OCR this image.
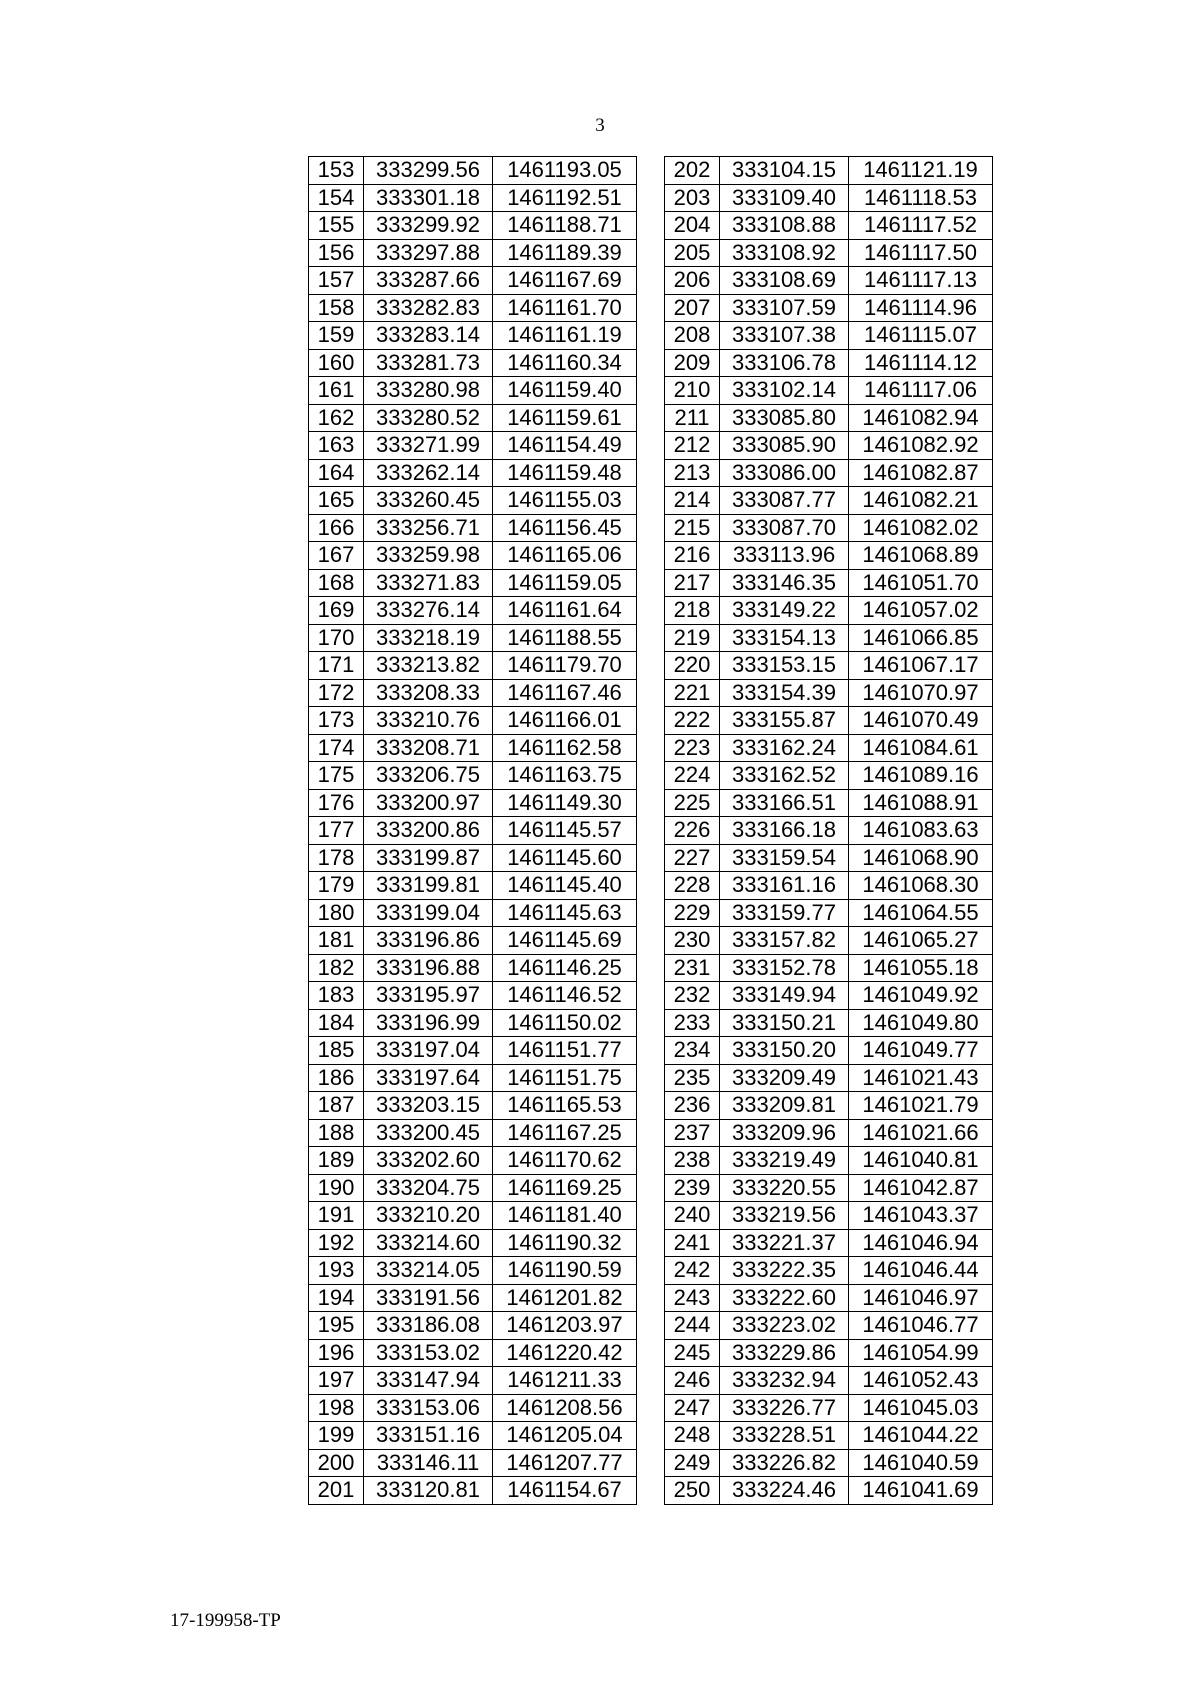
3
153	333299.56	1461193.05
154	333301.18	1461192.51
155	333299.92	1461188.71
156	333297.88	1461189.39
157	333287.66	1461167.69
158	333282.83	1461161.70
159	333283.14	1461161.19
160	333281.73	1461160.34
161	333280.98	1461159.40
162	333280.52	1461159.61
163	333271.99	1461154.49
164	333262.14	1461159.48
165	333260.45	1461155.03
166	333256.71	1461156.45
167	333259.98	1461165.06
168	333271.83	1461159.05
169	333276.14	1461161.64
170	333218.19	1461188.55
171	333213.82	1461179.70
172	333208.33	1461167.46
173	333210.76	1461166.01
174	333208.71	1461162.58
175	333206.75	1461163.75
176	333200.97	1461149.30
177	333200.86	1461145.57
178	333199.87	1461145.60
179	333199.81	1461145.40
180	333199.04	1461145.63
181	333196.86	1461145.69
182	333196.88	1461146.25
183	333195.97	1461146.52
184	333196.99	1461150.02
185	333197.04	1461151.77
186	333197.64	1461151.75
187	333203.15	1461165.53
188	333200.45	1461167.25
189	333202.60	1461170.62
190	333204.75	1461169.25
191	333210.20	1461181.40
192	333214.60	1461190.32
193	333214.05	1461190.59
194	333191.56	1461201.82
195	333186.08	1461203.97
196	333153.02	1461220.42
197	333147.94	1461211.33
198	333153.06	1461208.56
199	333151.16	1461205.04
200	333146.11	1461207.77
201	333120.81	1461154.67
202	333104.15	1461121.19
203	333109.40	1461118.53
204	333108.88	1461117.52
205	333108.92	1461117.50
206	333108.69	1461117.13
207	333107.59	1461114.96
208	333107.38	1461115.07
209	333106.78	1461114.12
210	333102.14	1461117.06
211	333085.80	1461082.94
212	333085.90	1461082.92
213	333086.00	1461082.87
214	333087.77	1461082.21
215	333087.70	1461082.02
216	333113.96	1461068.89
217	333146.35	1461051.70
218	333149.22	1461057.02
219	333154.13	1461066.85
220	333153.15	1461067.17
221	333154.39	1461070.97
222	333155.87	1461070.49
223	333162.24	1461084.61
224	333162.52	1461089.16
225	333166.51	1461088.91
226	333166.18	1461083.63
227	333159.54	1461068.90
228	333161.16	1461068.30
229	333159.77	1461064.55
230	333157.82	1461065.27
231	333152.78	1461055.18
232	333149.94	1461049.92
233	333150.21	1461049.80
234	333150.20	1461049.77
235	333209.49	1461021.43
236	333209.81	1461021.79
237	333209.96	1461021.66
238	333219.49	1461040.81
239	333220.55	1461042.87
240	333219.56	1461043.37
241	333221.37	1461046.94
242	333222.35	1461046.44
243	333222.60	1461046.97
244	333223.02	1461046.77
245	333229.86	1461054.99
246	333232.94	1461052.43
247	333226.77	1461045.03
248	333228.51	1461044.22
249	333226.82	1461040.59
250	333224.46	1461041.69
17-199958-TP
